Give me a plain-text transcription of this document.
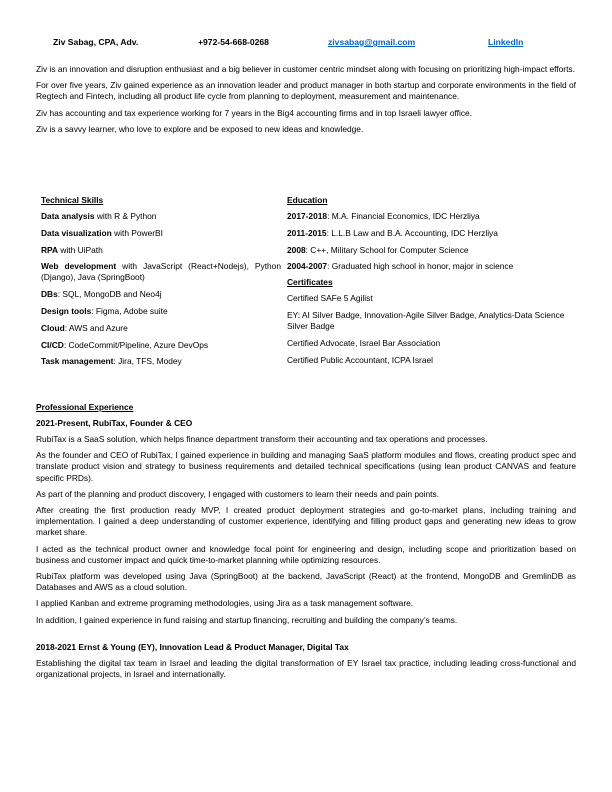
Ziv Sabag, CPA, Adv.	+972-54-668-0268	zivsabag@gmail.com	LinkedIn

Ziv is an innovation and disruption enthusiast and a big believer in customer centric mindset along with focusing on prioritizing high-impact efforts.

For over five years, Ziv gained experience as an innovation leader and product manager in both startup and corporate environments in the field of Regtech and Fintech, including all product life cycle from planning to deployment, measurement and maintenance.

Ziv has accounting and tax experience working for 7 years in the Big4 accounting firms and in top Israeli lawyer office.

Ziv is a savvy learner, who love to explore and be exposed to new ideas and knowledge.

Technical Skills
Data analysis with R & Python
Data visualization with PowerBI
RPA with UiPath
Web development with JavaScript (React+Nodejs), Python (Django), Java (SpringBoot)
DBs: SQL, MongoDB and Neo4j
Design tools: Figma, Adobe suite
Cloud: AWS and Azure
CI/CD: CodeCommit/Pipeline, Azure DevOps
Task management: Jira, TFS, Modey
Education
2017-2018: M.A. Financial Economics, IDC Herzliya
2011-2015: L.L.B Law and B.A. Accounting, IDC Herzliya
2008: C++, Military School for Computer Science
2004-2007: Graduated high school in honor, major in science
Certificates
Certified SAFe 5 Agilist
EY: AI Silver Badge, Innovation-Agile Silver Badge, Analytics-Data Science Silver Badge
Certified Advocate, Israel Bar Association
Certified Public Accountant, ICPA Israel
Professional Experience
2021-Present, RubiTax, Founder & CEO

RubiTax is a SaaS solution, which helps finance department transform their accounting and tax operations and processes.

As the founder and CEO of RubiTax, I gained experience in building and managing SaaS platform modules and flows, creating product spec and translate product vision and strategy to business requirements and detailed technical specifications (using lean product CANVAS and feature specific PRDs).

As part of the planning and product discovery, I engaged with customers to learn their needs and pain points.

After creating the first production ready MVP, I created product deployment strategies and go-to-market plans, including training and implementation. I gained a deep understanding of customer experience, identifying and filling product gaps and generating new ideas to grow market share.

I acted as the technical product owner and knowledge focal point for engineering and design, including scope and prioritization based on business and customer impact and quick time-to-market planning while optimizing resources.

RubiTax platform was developed using Java (SpringBoot) at the backend, JavaScript (React) at the frontend, MongoDB and GremlinDB as Databases and AWS as a cloud solution.

I applied Kanban and extreme programing methodologies, using Jira as a task management software.

In addition, I gained experience in fund raising and startup financing, recruiting and building the company’s teams.

2018-2021 Ernst & Young (EY), Innovation Lead & Product Manager, Digital Tax

Establishing the digital tax team in Israel and leading the digital transformation of EY Israel tax practice, including leading cross-functional and organizational projects, in Israel and internationally.
